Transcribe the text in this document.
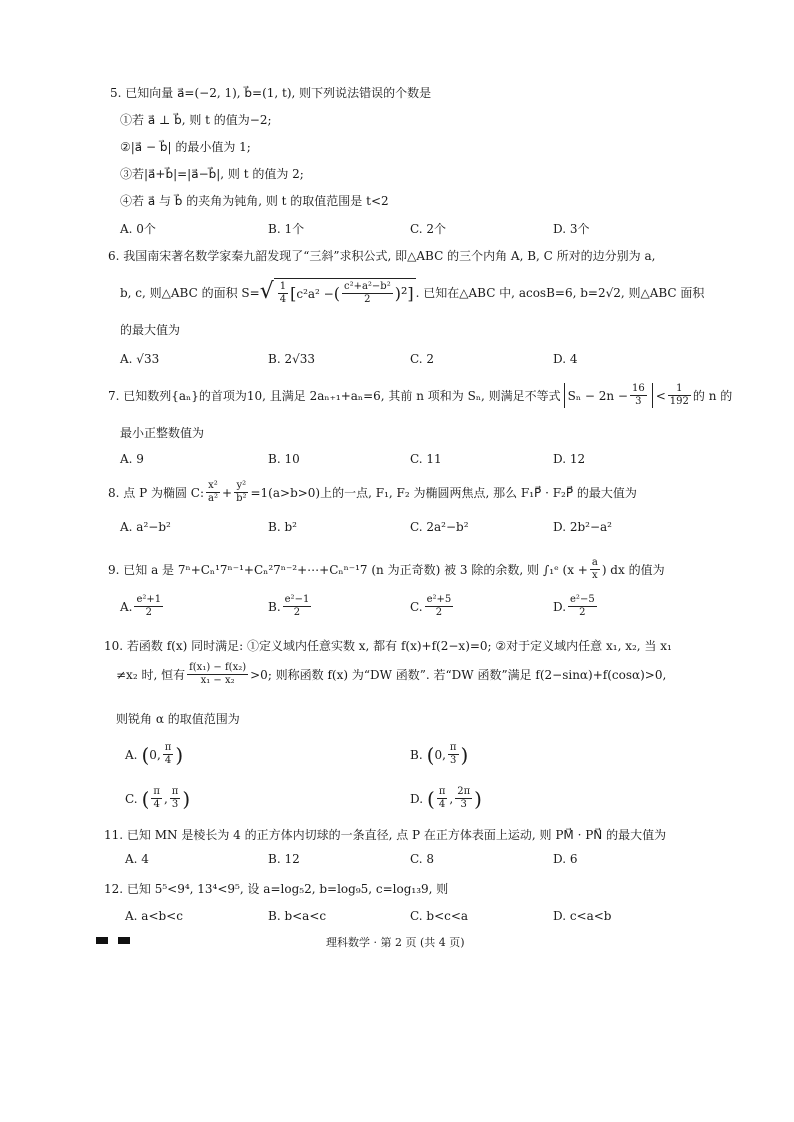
5. 已知向量 a⃗=(−2, 1), b⃗=(1, t), 则下列说法错误的个数是
①若 a⃗ ⊥ b⃗, 则 t 的值为−2;
②|a⃗ − b⃗| 的最小值为 1;
③若|a⃗+b⃗|=|a⃗−b⃗|, 则 t 的值为 2;
④若 a⃗ 与 b⃗ 的夹角为钝角, 则 t 的取值范围是 t<2
A. 0个	B. 1个	C. 2个	D. 3个
6. 我国南宋著名数学家秦九韶发现了“三斜”求积公式, 即△ABC 的三个内角 A, B, C 所对的边分别为 a,
b, c, 则△ABC 的面积 S= √ $\frac{1}{4}$ [ c²a² − ( $\frac{\text{c²+a²−b²}}{2} )^2$] . 已知在△ABC 中, acosB=6, b=2√2, 则△ABC 面积
的最大值为
A. √33	B. 2√33	C. 2	D. 4
7. 已知数列{aₙ}的首项为10, 且满足 2aₙ₊₁+aₙ=6, 其前 n 项和为 Sₙ, 则满足不等式 $S_n - 2n - \frac{16}{3} < \frac{1}{192}$ 的 n 的
最小正整数值为
A. 9	B. 10	C. 11	D. 12
8. 点 P 为椭圆 C: $\frac{\text{x²}}{\text{a²}} + \frac{\text{y²}}{\text{b²}} =1(a>b>0)$上的一点, F₁, F₂ 为椭圆两焦点, 那么 F₁P⃗ · F₂P⃗ 的最大值为
A. a²−b²	B. b²	C. 2a²−b²	D. 2b²−a²
9. 已知 a 是 7ⁿ+Cₙ¹7ⁿ⁻¹+Cₙ²7ⁿ⁻²+⋯+Cₙⁿ⁻¹7 (n 为正奇数) 被 3 除的余数, 则 ∫₁ᵉ ($x + \frac{a}{x}$ ) dx 的值为
A. $\frac{\text{e²+1}}{2}$	B. $\frac{\text{e²−1}}{2}$	C. $\frac{\text{e²+5}}{2}$	D. $\frac{\text{e²−5}}{2}$
10. 若函数 f(x) 同时满足: ①定义域内任意实数 x, 都有 f(x)+f(2−x)=0; ②对于定义域内任意 x₁, x₂, 当 x₁
≠x₂ 时, 恒有 $\frac{\text{f(x₁) − f(x₂)}}{\text{x₁ − x₂}} >0$; 则称函数 f(x) 为“DW 函数”. 若“DW 函数”满足 f(2−sinα)+f(cosα)>0,
则锐角 α 的取值范围为
A. ( 0 , $\frac{\pi}{4}$ )	B. ( 0 , $\frac{\pi}{3}$ )
C. ( $\frac{\pi}{4}$ , $\frac{\pi}{3}$ )	D. ( $\frac{\pi}{4}$ , $\frac{2\pi}{3}$ )
11. 已知 MN 是棱长为 4 的正方体内切球的一条直径, 点 P 在正方体表面上运动, 则 PM⃗ · PN⃗ 的最大值为
A. 4	B. 12	C. 8	D. 6
12. 已知 5⁵<9⁴, 13⁴<9⁵, 设 a=log₅2, b=log₉5, c=log₁₃9, 则
A. a<b<c	B. b<a<c	C. b<c<a	D. c<a<b
理科数学 · 第 2 页 (共 4 页)
